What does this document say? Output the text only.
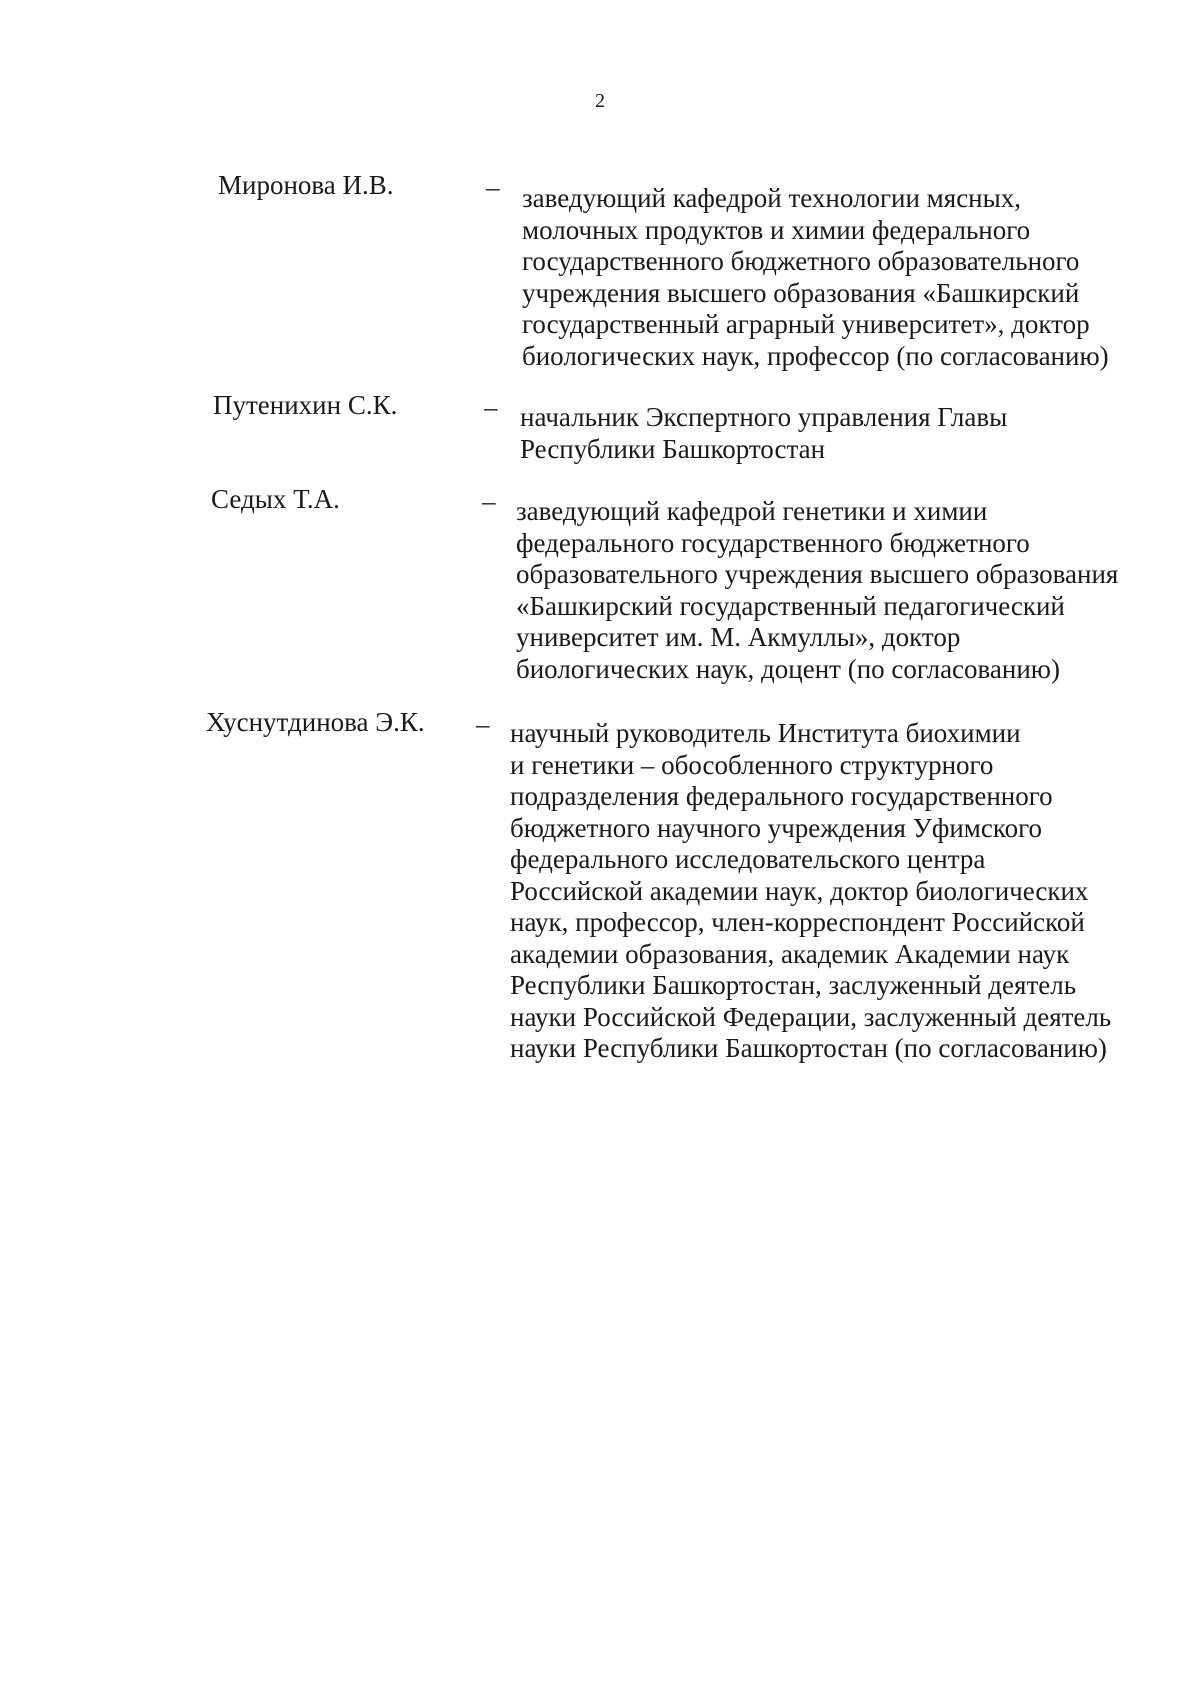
2
Миронова И.В.	– заведующий кафедрой технологии мясных,
молочных продуктов и химии федерального
государственного бюджетного образовательного
учреждения высшего образования «Башкирский
государственный аграрный университет», доктор
биологических наук, профессор (по согласованию)
Путенихин С.К.	– начальник Экспертного управления Главы
Республики Башкортостан
Седых Т.А.	– заведующий кафедрой генетики и химии
федерального государственного бюджетного
образовательного учреждения высшего образования
«Башкирский государственный педагогический
университет им. М. Акмуллы», доктор
биологических наук, доцент (по согласованию)
Хуснутдинова Э.К. – научный руководитель Института биохимии
и генетики – обособленного структурного
подразделения федерального государственного
бюджетного научного учреждения Уфимского
федерального исследовательского центра
Российской академии наук, доктор биологических
наук, профессор, член-корреспондент Российской
академии образования, академик Академии наук
Республики Башкортостан, заслуженный деятель
науки Российской Федерации, заслуженный деятель
науки Республики Башкортостан (по согласованию)
